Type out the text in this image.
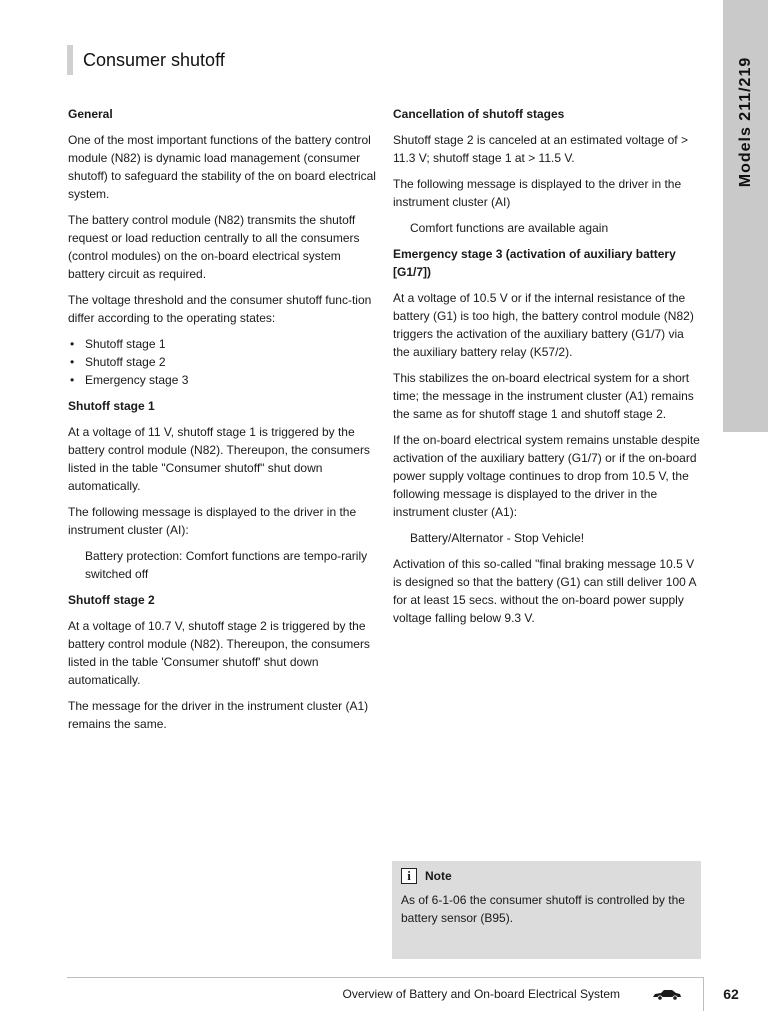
Consumer shutoff	Models 211/219
General

One of the most important functions of the battery control module (N82) is dynamic load management (consumer shutoff) to safeguard the stability of the on board electrical system.

The battery control module (N82) transmits the shutoff request or load reduction centrally to all the consumers (control modules) on the on-board electrical system battery circuit as required.

The voltage threshold and the consumer shutoff func-tion differ according to the operating states:

• Shutoff stage 1
• Shutoff stage 2
• Emergency stage 3
Shutoff stage 1

At a voltage of 11 V, shutoff stage 1 is triggered by the battery control module (N82). Thereupon, the consumers listed in the table "Consumer shutoff" shut down automatically.

The following message is displayed to the driver in the instrument cluster (AI):

Battery protection: Comfort functions are tempo-rarily switched off

Shutoff stage 2

At a voltage of 10.7 V, shutoff stage 2 is triggered by the battery control module (N82). Thereupon, the consumers listed in the table 'Consumer shutoff' shut down automatically.

The message for the driver in the instrument cluster (A1) remains the same.

Cancellation of shutoff stages

Shutoff stage 2 is canceled at an estimated voltage of > 11.3 V; shutoff stage 1 at > 11.5 V.

The following message is displayed to the driver in the instrument cluster (AI)

Comfort functions are available again

Emergency stage 3 (activation of auxiliary battery [G1/7])

At a voltage of 10.5 V or if the internal resistance of the battery (G1) is too high, the battery control module (N82) triggers the activation of the auxiliary battery (G1/7) via the auxiliary battery relay (K57/2).

This stabilizes the on-board electrical system for a short time; the message in the instrument cluster (A1) remains the same as for shutoff stage 1 and shutoff stage 2.

If the on-board electrical system remains unstable despite activation of the auxiliary battery (G1/7) or if the on-board power supply voltage continues to drop from 10.5 V, the following message is displayed to the driver in the instrument cluster (A1):

Battery/Alternator - Stop Vehicle!

Activation of this so-called "final braking message 10.5 V is designed so that the battery (G1) can still deliver 100 A for at least 15 secs. without the on-board power supply voltage falling below 9.3 V.

i	Note
As of 6-1-06 the consumer shutoff is controlled by the battery sensor (B95).
Overview of Battery and On-board Electrical System	62
